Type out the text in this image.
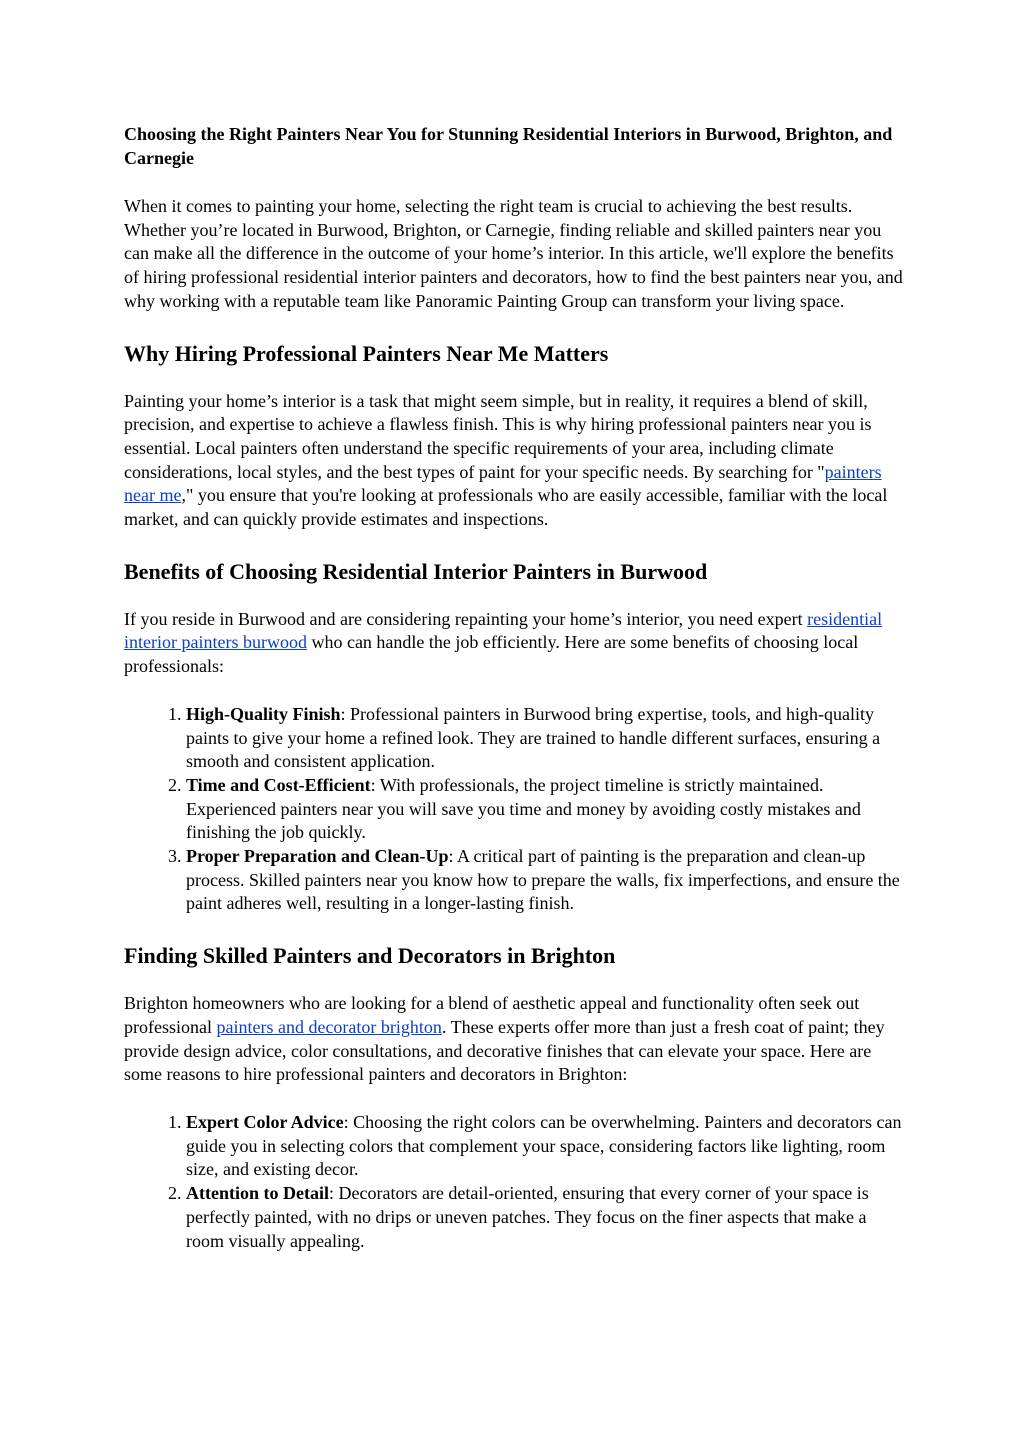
Choosing the Right Painters Near You for Stunning Residential Interiors in Burwood, Brighton, and Carnegie

When it comes to painting your home, selecting the right team is crucial to achieving the best results. Whether you’re located in Burwood, Brighton, or Carnegie, finding reliable and skilled painters near you can make all the difference in the outcome of your home’s interior. In this article, we'll explore the benefits of hiring professional residential interior painters and decorators, how to find the best painters near you, and why working with a reputable team like Panoramic Painting Group can transform your living space.

Why Hiring Professional Painters Near Me Matters

Painting your home’s interior is a task that might seem simple, but in reality, it requires a blend of skill, precision, and expertise to achieve a flawless finish. This is why hiring professional painters near you is essential. Local painters often understand the specific requirements of your area, including climate considerations, local styles, and the best types of paint for your specific needs. By searching for "painters near me," you ensure that you're looking at professionals who are easily accessible, familiar with the local market, and can quickly provide estimates and inspections.

Benefits of Choosing Residential Interior Painters in Burwood

If you reside in Burwood and are considering repainting your home’s interior, you need expert residential interior painters burwood who can handle the job efficiently. Here are some benefits of choosing local professionals:

1. High-Quality Finish: Professional painters in Burwood bring expertise, tools, and high-quality paints to give your home a refined look. They are trained to handle different surfaces, ensuring a smooth and consistent application.
2. Time and Cost-Efficient: With professionals, the project timeline is strictly maintained. Experienced painters near you will save you time and money by avoiding costly mistakes and finishing the job quickly.
3. Proper Preparation and Clean-Up: A critical part of painting is the preparation and clean-up process. Skilled painters near you know how to prepare the walls, fix imperfections, and ensure the paint adheres well, resulting in a longer-lasting finish.
Finding Skilled Painters and Decorators in Brighton

Brighton homeowners who are looking for a blend of aesthetic appeal and functionality often seek out professional painters and decorator brighton. These experts offer more than just a fresh coat of paint; they provide design advice, color consultations, and decorative finishes that can elevate your space. Here are some reasons to hire professional painters and decorators in Brighton:

1. Expert Color Advice: Choosing the right colors can be overwhelming. Painters and decorators can guide you in selecting colors that complement your space, considering factors like lighting, room size, and existing decor.
2. Attention to Detail: Decorators are detail-oriented, ensuring that every corner of your space is perfectly painted, with no drips or uneven patches. They focus on the finer aspects that make a room visually appealing.
